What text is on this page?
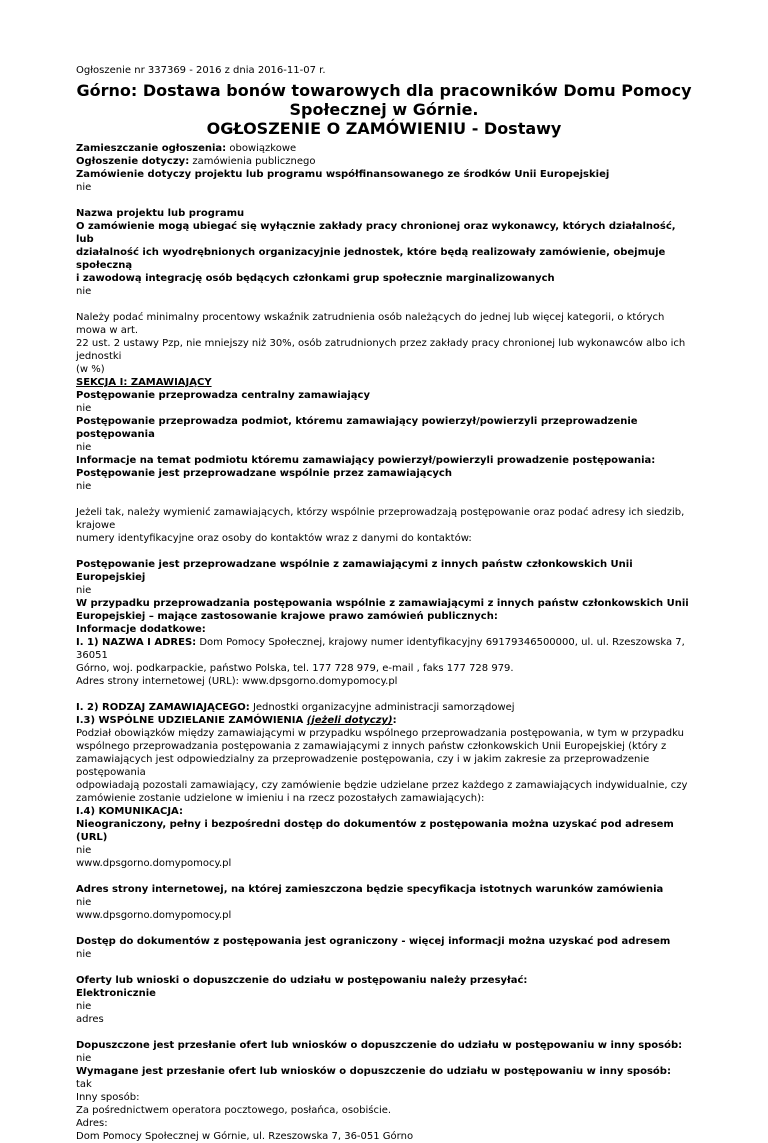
Ogłoszenie nr 337369 - 2016 z dnia 2016-11-07 r.
Górno: Dostawa bonów towarowych dla pracowników Domu Pomocy
Społecznej w Górnie.
OGŁOSZENIE O ZAMÓWIENIU - Dostawy
Zamieszczanie ogłoszenia: obowiązkowe
Ogłoszenie dotyczy: zamówienia publicznego
Zamówienie dotyczy projektu lub programu współfinansowanego ze środków Unii Europejskiej
nie
Nazwa projektu lub programu
O zamówienie mogą ubiegać się wyłącznie zakłady pracy chronionej oraz wykonawcy, których działalność, lub
działalność ich wyodrębnionych organizacyjnie jednostek, które będą realizowały zamówienie, obejmuje społeczną
i zawodową integrację osób będących członkami grup społecznie marginalizowanych
nie
Należy podać minimalny procentowy wskaźnik zatrudnienia osób należących do jednej lub więcej kategorii, o których mowa w art.
22 ust. 2 ustawy Pzp, nie mniejszy niż 30%, osób zatrudnionych przez zakłady pracy chronionej lub wykonawców albo ich jednostki
(w %)
SEKCJA I: ZAMAWIAJĄCY
Postępowanie przeprowadza centralny zamawiający
nie
Postępowanie przeprowadza podmiot, któremu zamawiający powierzył/powierzyli przeprowadzenie postępowania
nie
Informacje na temat podmiotu któremu zamawiający powierzył/powierzyli prowadzenie postępowania:
Postępowanie jest przeprowadzane wspólnie przez zamawiających
nie
Jeżeli tak, należy wymienić zamawiających, którzy wspólnie przeprowadzają postępowanie oraz podać adresy ich siedzib, krajowe
numery identyfikacyjne oraz osoby do kontaktów wraz z danymi do kontaktów:
Postępowanie jest przeprowadzane wspólnie z zamawiającymi z innych państw członkowskich Unii Europejskiej
nie
W przypadku przeprowadzania postępowania wspólnie z zamawiającymi z innych państw członkowskich Unii
Europejskiej – mające zastosowanie krajowe prawo zamówień publicznych:
Informacje dodatkowe:
I. 1) NAZWA I ADRES: Dom Pomocy Społecznej, krajowy numer identyfikacyjny 69179346500000, ul. ul. Rzeszowska 7, 36051
Górno, woj. podkarpackie, państwo Polska, tel. 177 728 979, e-mail , faks 177 728 979.
Adres strony internetowej (URL): www.dpsgorno.domypomocy.pl
I. 2) RODZAJ ZAMAWIAJĄCEGO: Jednostki organizacyjne administracji samorządowej
I.3) WSPÓLNE UDZIELANIE ZAMÓWIENIA (jeżeli dotyczy):
Podział obowiązków między zamawiającymi w przypadku wspólnego przeprowadzania postępowania, w tym w przypadku
wspólnego przeprowadzania postępowania z zamawiającymi z innych państw członkowskich Unii Europejskiej (który z
zamawiających jest odpowiedzialny za przeprowadzenie postępowania, czy i w jakim zakresie za przeprowadzenie postępowania
odpowiadają pozostali zamawiający, czy zamówienie będzie udzielane przez każdego z zamawiających indywidualnie, czy
zamówienie zostanie udzielone w imieniu i na rzecz pozostałych zamawiających):
I.4) KOMUNIKACJA:
Nieograniczony, pełny i bezpośredni dostęp do dokumentów z postępowania można uzyskać pod adresem (URL)
nie
www.dpsgorno.domypomocy.pl
Adres strony internetowej, na której zamieszczona będzie specyfikacja istotnych warunków zamówienia
nie
www.dpsgorno.domypomocy.pl
Dostęp do dokumentów z postępowania jest ograniczony - więcej informacji można uzyskać pod adresem
nie
Oferty lub wnioski o dopuszczenie do udziału w postępowaniu należy przesyłać:
Elektronicznie
nie
adres
Dopuszczone jest przesłanie ofert lub wniosków o dopuszczenie do udziału w postępowaniu w inny sposób:
nie
Wymagane jest przesłanie ofert lub wniosków o dopuszczenie do udziału w postępowaniu w inny sposób:
tak
Inny sposób:
Za pośrednictwem operatora pocztowego, posłańca, osobiście.
Adres:
Dom Pomocy Społecznej w Górnie, ul. Rzeszowska 7, 36-051 Górno
